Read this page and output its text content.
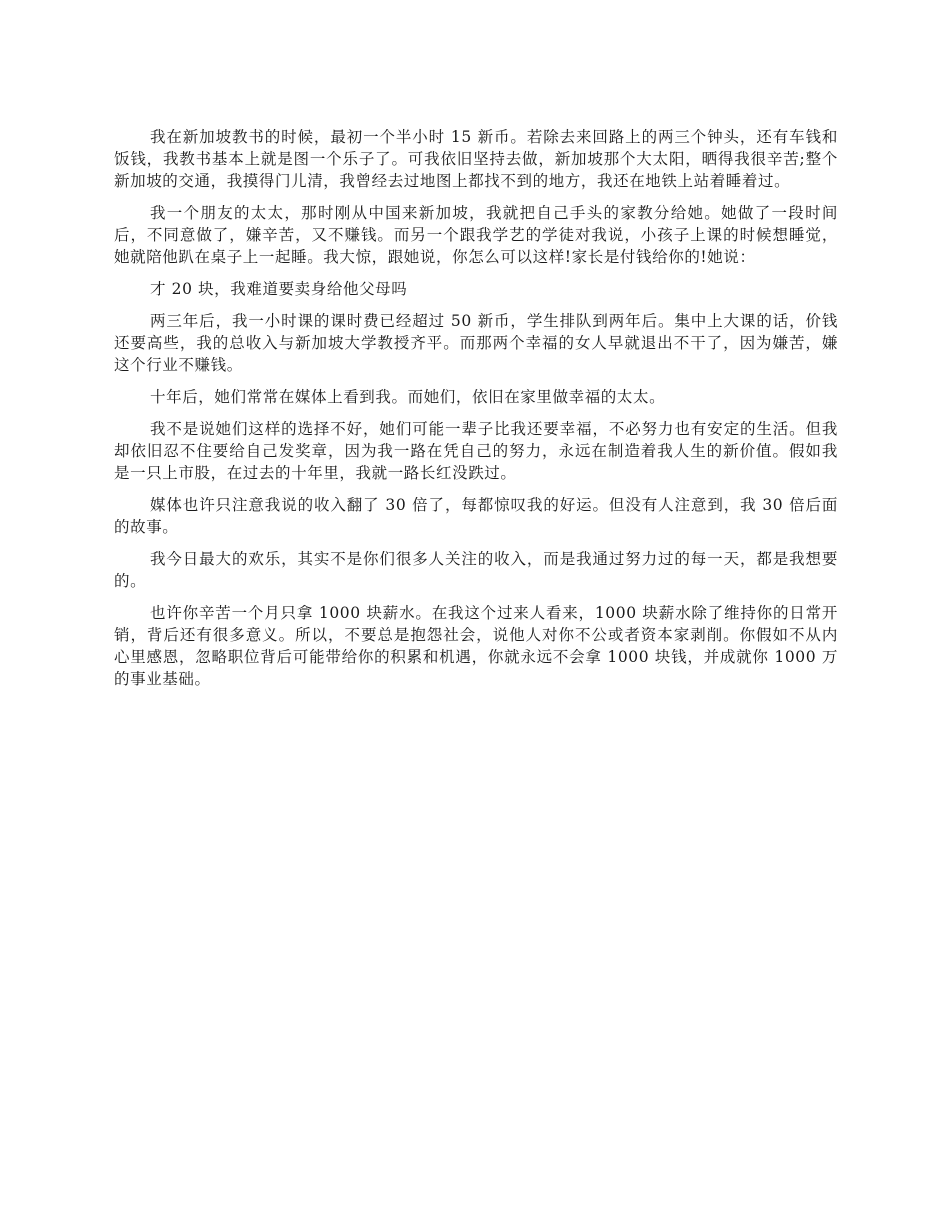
我在新加坡教书的时候，最初一个半小时 15 新币。若除去来回路上的两三个钟头，还有车钱和饭钱，我教书基本上就是图一个乐子了。可我依旧坚持去做，新加坡那个大太阳，晒得我很辛苦;整个新加坡的交通，我摸得门儿清，我曾经去过地图上都找不到的地方，我还在地铁上站着睡着过。

我一个朋友的太太，那时刚从中国来新加坡，我就把自己手头的家教分给她。她做了一段时间后，不同意做了，嫌辛苦，又不赚钱。而另一个跟我学艺的学徒对我说，小孩子上课的时候想睡觉，她就陪他趴在桌子上一起睡。我大惊，跟她说，你怎么可以这样!家长是付钱给你的!她说：

才 20 块，我难道要卖身给他父母吗

两三年后，我一小时课的课时费已经超过 50 新币，学生排队到两年后。集中上大课的话，价钱还要高些，我的总收入与新加坡大学教授齐平。而那两个幸福的女人早就退出不干了，因为嫌苦，嫌这个行业不赚钱。

十年后，她们常常在媒体上看到我。而她们，依旧在家里做幸福的太太。

我不是说她们这样的选择不好，她们可能一辈子比我还要幸福，不必努力也有安定的生活。但我却依旧忍不住要给自己发奖章，因为我一路在凭自己的努力，永远在制造着我人生的新价值。假如我是一只上市股，在过去的十年里，我就一路长红没跌过。

媒体也许只注意我说的收入翻了 30 倍了，每都惊叹我的好运。但没有人注意到，我 30 倍后面的故事。

我今日最大的欢乐，其实不是你们很多人关注的收入，而是我通过努力过的每一天，都是我想要的。

也许你辛苦一个月只拿 1000 块薪水。在我这个过来人看来，1000 块薪水除了维持你的日常开销，背后还有很多意义。所以，不要总是抱怨社会，说他人对你不公或者资本家剥削。你假如不从内心里感恩，忽略职位背后可能带给你的积累和机遇，你就永远不会拿 1000 块钱，并成就你 1000 万的事业基础。
